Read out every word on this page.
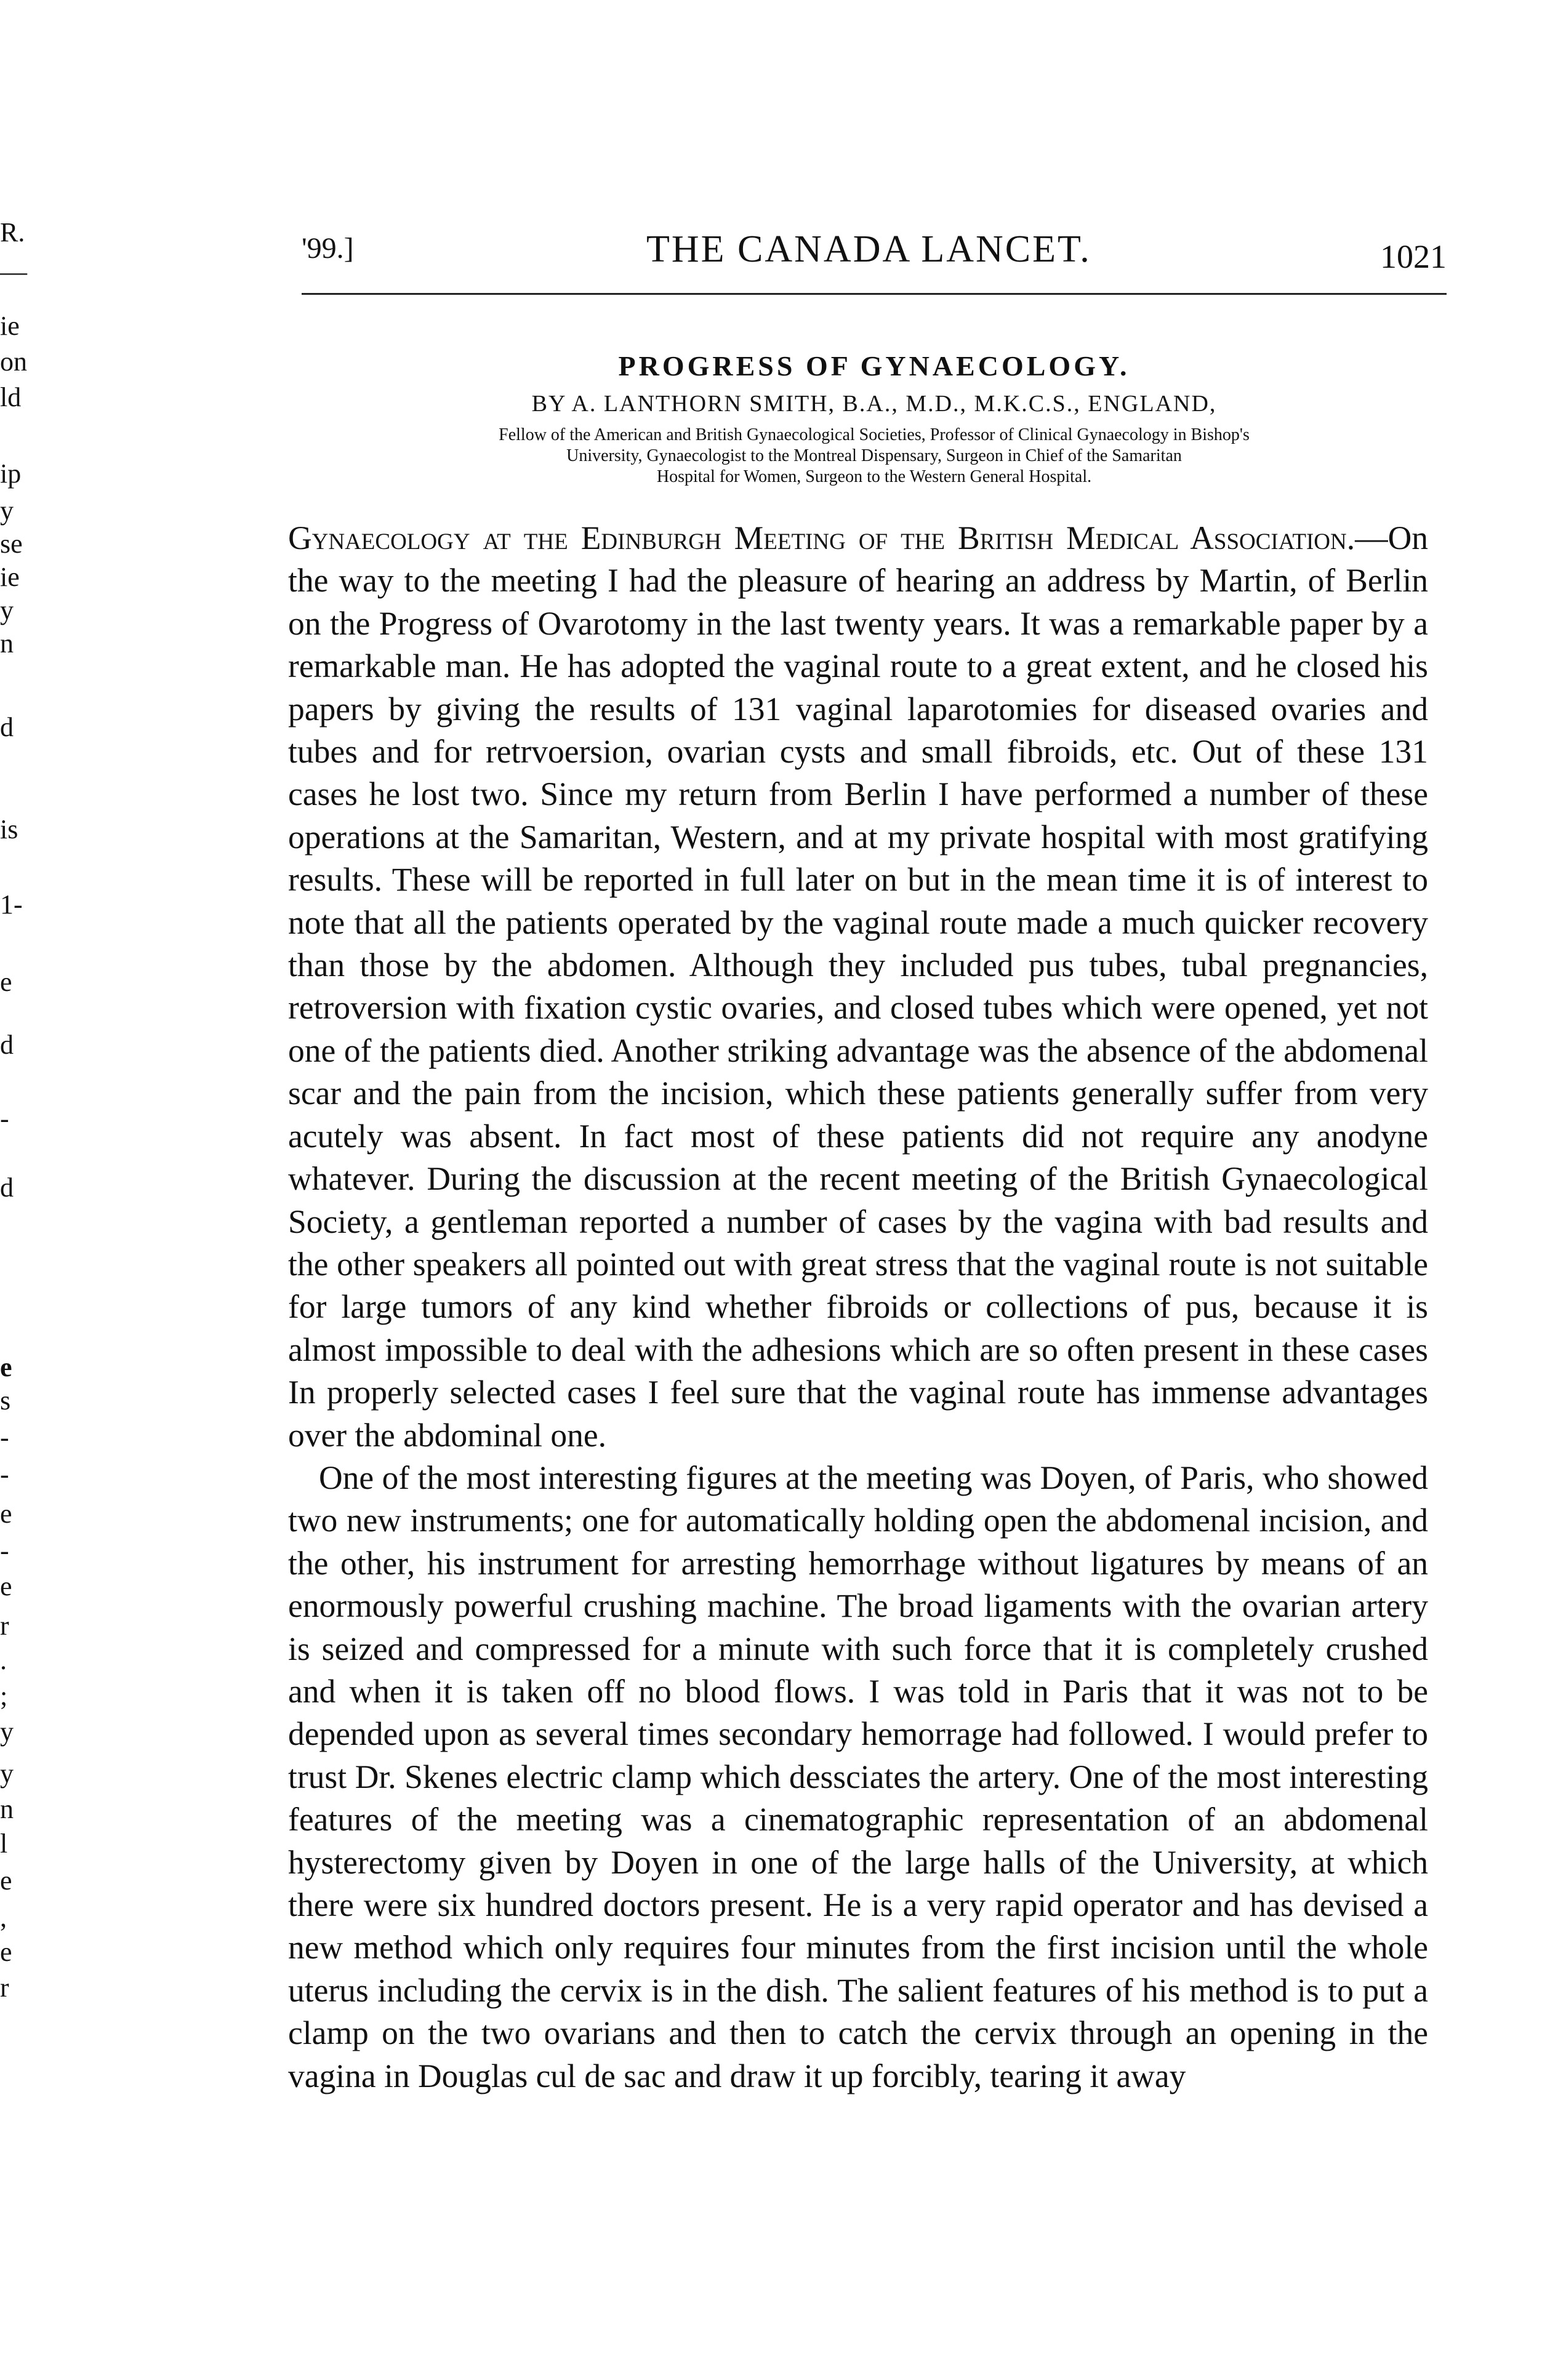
R.
—
ie
on
ld
ip
y
se
ie
y
n
d
is
1-
e
d
-
d
e
s
-
-
e
-
e
r
.
;
y
y
n
l
e
,
e
r
'99.]	THE CANADA LANCET.	1021
PROGRESS OF GYNAECOLOGY.
BY A. LANTHORN SMITH, B.A., M.D., M.K.C.S., ENGLAND,
Fellow of the American and British Gynaecological Societies, Professor of Clinical Gynaecology in Bishop's
University, Gynaecologist to the Montreal Dispensary, Surgeon in Chief of the Samaritan
Hospital for Women, Surgeon to the Western General Hospital.

Gynaecology at the Edinburgh Meeting of the British Medical Association.—On the way to the meeting I had the pleasure of hearing an address by Martin, of Berlin on the Progress of Ovarotomy in the last twenty years. It was a remarkable paper by a remarkable man. He has adopted the vaginal route to a great extent, and he closed his papers by giving the results of 131 vaginal laparotomies for diseased ovaries and tubes and for retrvoersion, ovarian cysts and small fibroids, etc. Out of these 131 cases he lost two. Since my return from Berlin I have performed a number of these operations at the Samaritan, Western, and at my private hospital with most gratifying results. These will be reported in full later on but in the mean time it is of interest to note that all the patients operated by the vaginal route made a much quicker recovery than those by the abdomen. Although they included pus tubes, tubal pregnancies, retroversion with fixation cystic ovaries, and closed tubes which were opened, yet not one of the patients died. Another striking advantage was the absence of the abdomenal scar and the pain from the incision, which these patients generally suffer from very acutely was absent. In fact most of these patients did not require any anodyne whatever. During the discussion at the recent meeting of the British Gynaecological Society, a gentleman reported a number of cases by the vagina with bad results and the other speakers all pointed out with great stress that the vaginal route is not suitable for large tumors of any kind whether fibroids or collections of pus, because it is almost impossible to deal with the adhesions which are so often present in these cases In properly selected cases I feel sure that the vaginal route has immense advantages over the abdominal one.

One of the most interesting figures at the meeting was Doyen, of Paris, who showed two new instruments; one for automatically holding open the abdomenal incision, and the other, his instrument for arresting hemorrhage without ligatures by means of an enormously powerful crushing machine. The broad ligaments with the ovarian artery is seized and compressed for a minute with such force that it is completely crushed and when it is taken off no blood flows. I was told in Paris that it was not to be depended upon as several times secondary hemorrage had followed. I would prefer to trust Dr. Skenes electric clamp which dessciates the artery. One of the most interesting features of the meeting was a cinematographic representation of an abdomenal hysterectomy given by Doyen in one of the large halls of the University, at which there were six hundred doctors present. He is a very rapid operator and has devised a new method which only requires four minutes from the first incision until the whole uterus including the cervix is in the dish. The salient features of his method is to put a clamp on the two ovarians and then to catch the cervix through an opening in the vagina in Douglas cul de sac and draw it up forcibly, tearing it away
